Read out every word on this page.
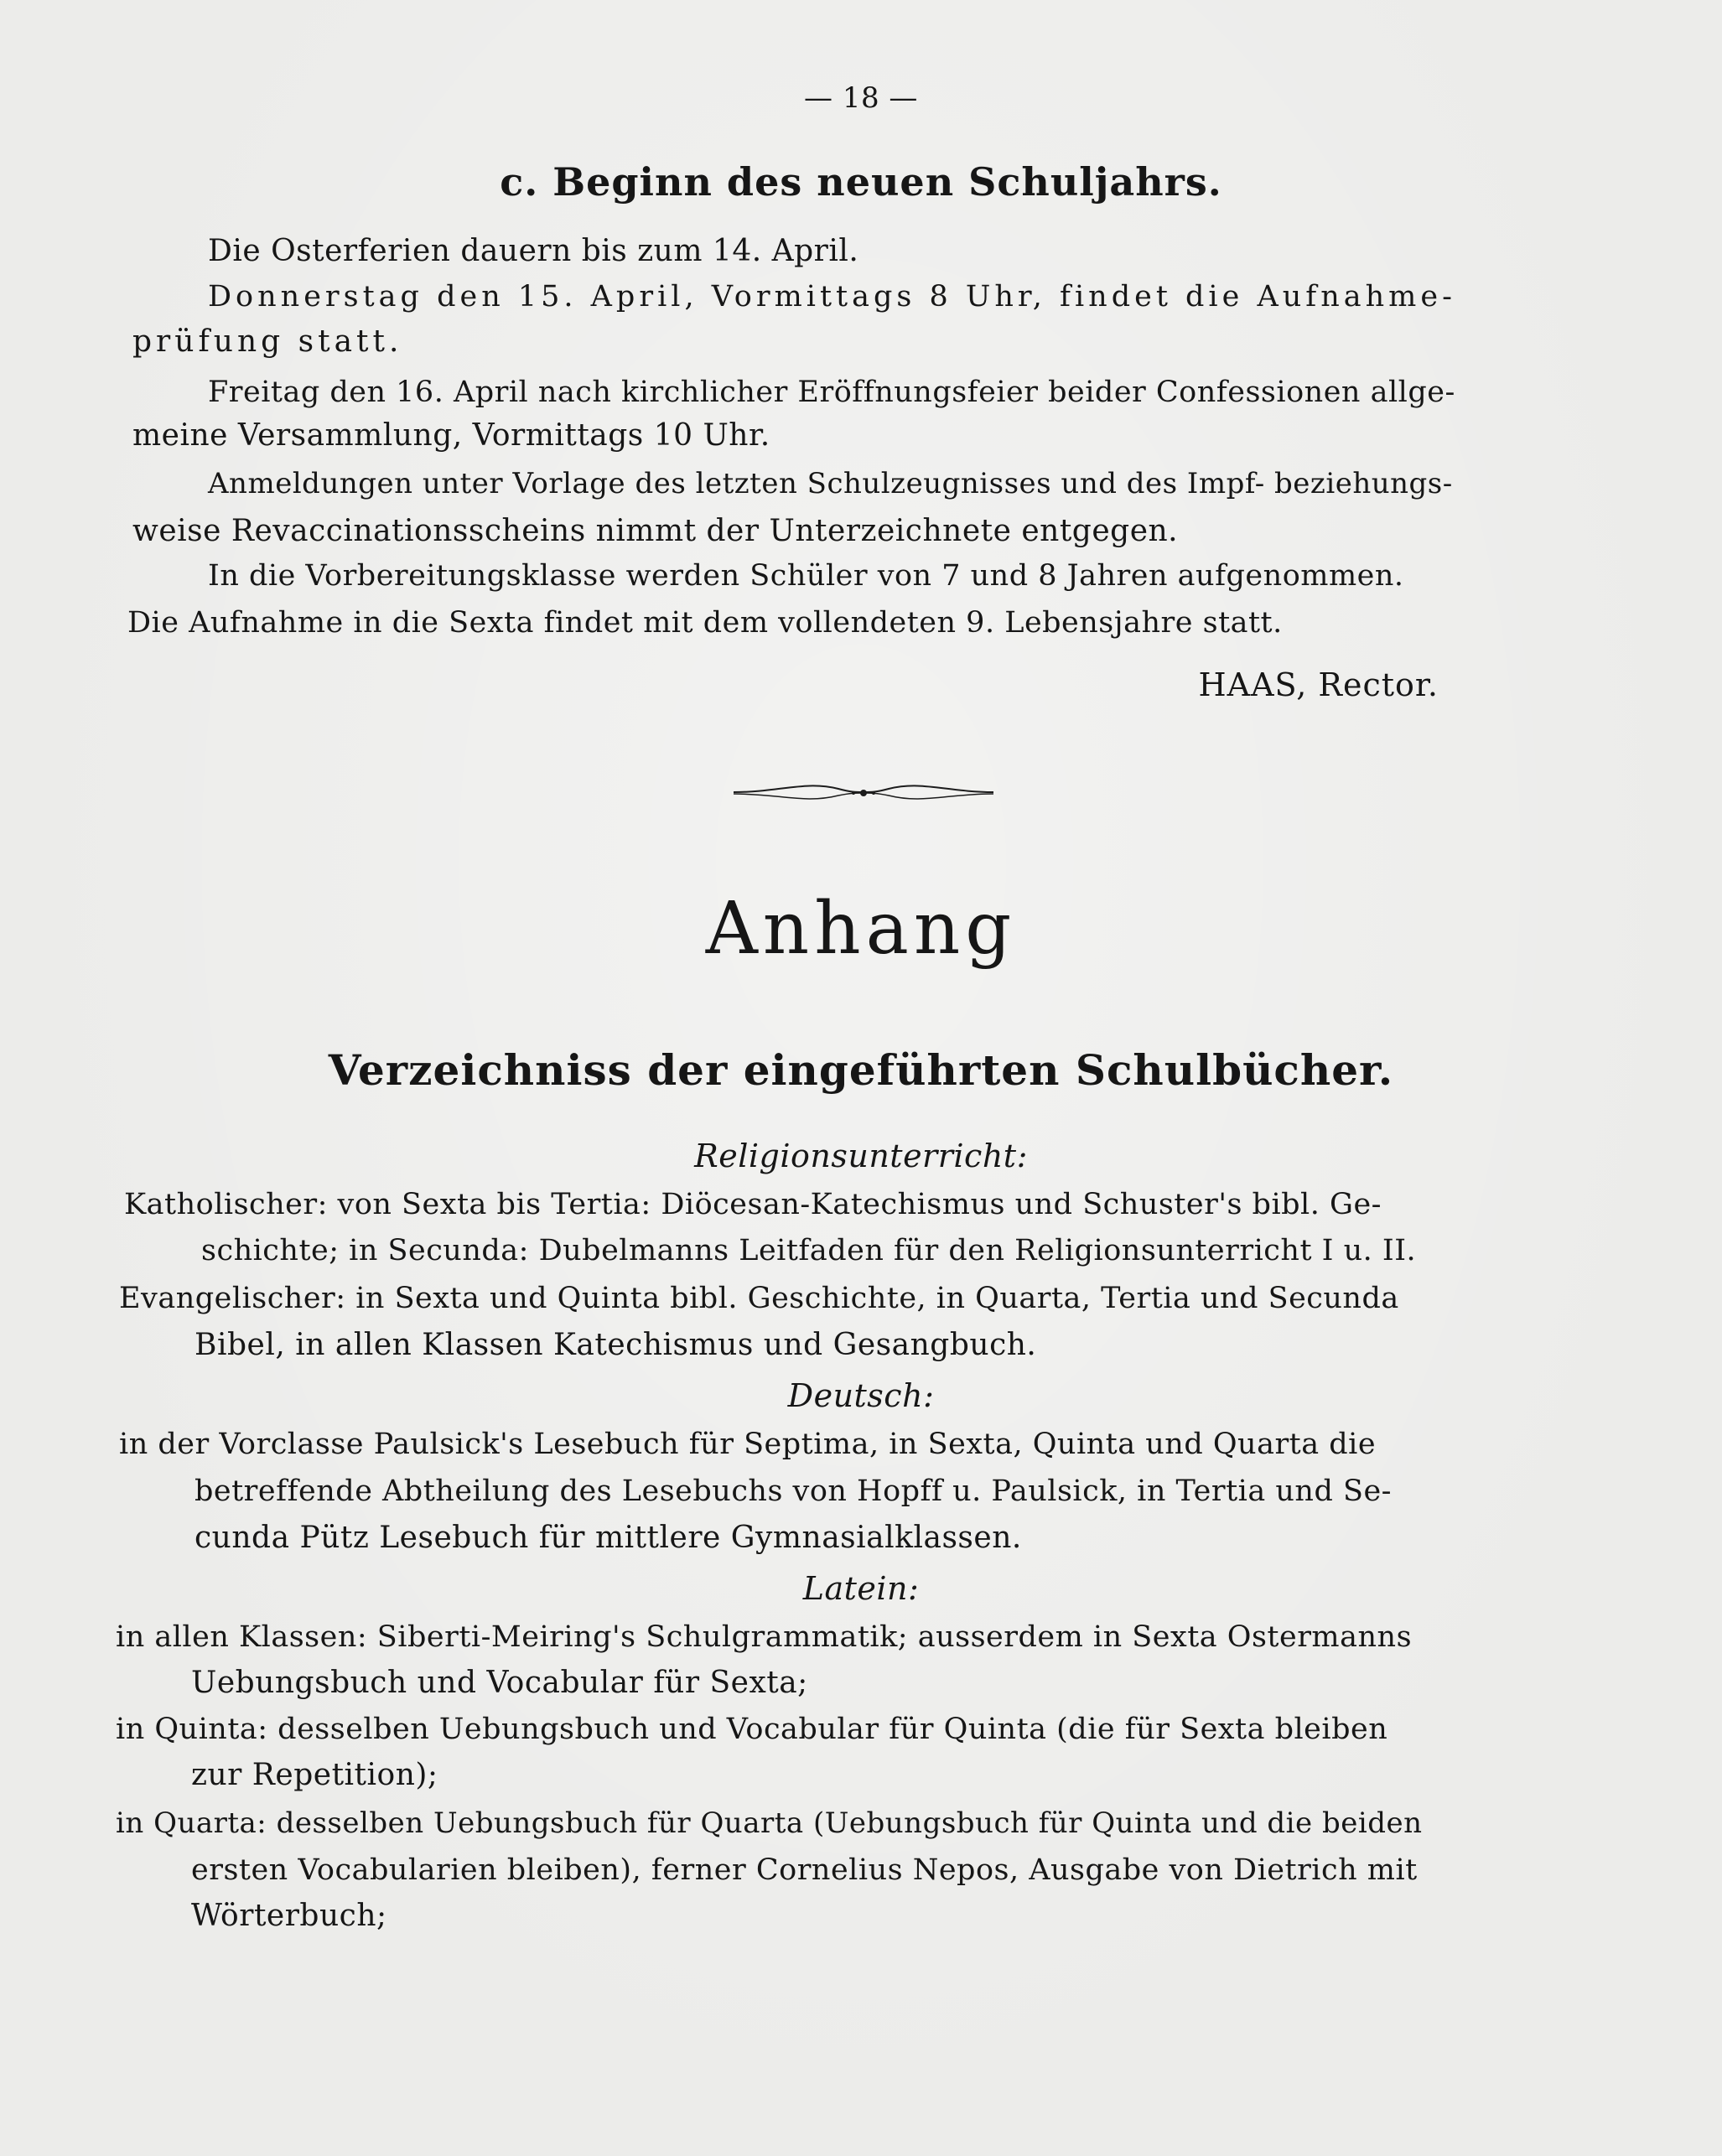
— 18 —
c. Beginn des neuen Schuljahrs.
Die Osterferien dauern bis zum 14. April.
Donnerstag den 15. April, Vormittags 8 Uhr, findet die Aufnahme-
prüfung statt.
Freitag den 16. April nach kirchlicher Eröffnungsfeier beider Confessionen allge-
meine Versammlung, Vormittags 10 Uhr.
Anmeldungen unter Vorlage des letzten Schulzeugnisses und des Impf- beziehungs-
weise Revaccinationsscheins nimmt der Unterzeichnete entgegen.
In die Vorbereitungsklasse werden Schüler von 7 und 8 Jahren aufgenommen.
Die Aufnahme in die Sexta findet mit dem vollendeten 9. Lebensjahre statt.
HAAS, Rector.
Anhang
Verzeichniss der eingeführten Schulbücher.
Religionsunterricht:
Katholischer: von Sexta bis Tertia: Diöcesan-Katechismus und Schuster's bibl. Ge-
schichte; in Secunda: Dubelmanns Leitfaden für den Religionsunterricht I u. II.
Evangelischer: in Sexta und Quinta bibl. Geschichte, in Quarta, Tertia und Secunda
Bibel, in allen Klassen Katechismus und Gesangbuch.
Deutsch:
in der Vorclasse Paulsick's Lesebuch für Septima, in Sexta, Quinta und Quarta die
betreffende Abtheilung des Lesebuchs von Hopff u. Paulsick, in Tertia und Se-
cunda Pütz Lesebuch für mittlere Gymnasialklassen.
Latein:
in allen Klassen: Siberti-Meiring's Schulgrammatik; ausserdem in Sexta Ostermanns
Uebungsbuch und Vocabular für Sexta;
in Quinta: desselben Uebungsbuch und Vocabular für Quinta (die für Sexta bleiben
zur Repetition);
in Quarta: desselben Uebungsbuch für Quarta (Uebungsbuch für Quinta und die beiden
ersten Vocabularien bleiben), ferner Cornelius Nepos, Ausgabe von Dietrich mit
Wörterbuch;
